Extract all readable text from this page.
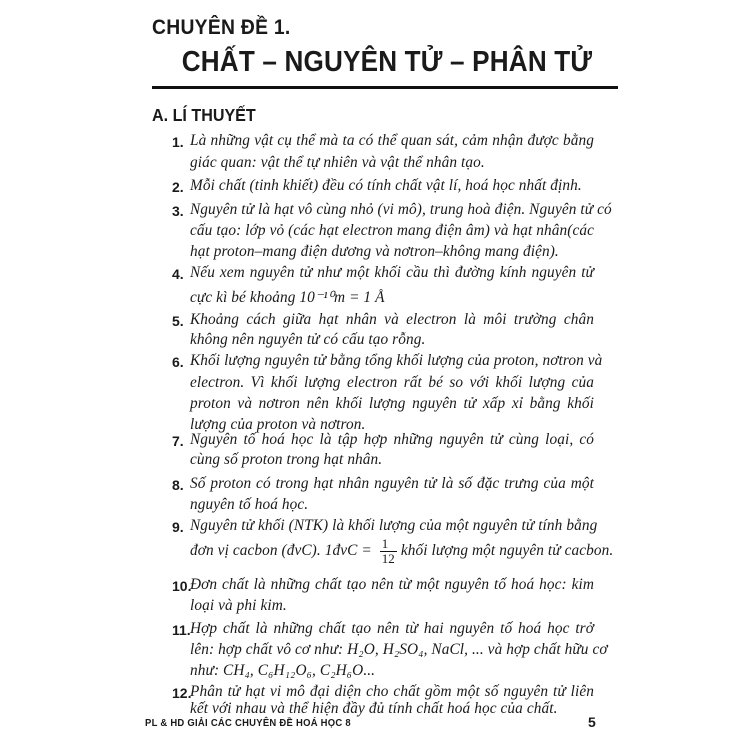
CHUYÊN ĐỀ 1.
CHẤT – NGUYÊN TỬ – PHÂN TỬ
A. LÍ THUYẾT
1. Là những vật cụ thể mà ta có thể quan sát, cảm nhận được bằng
giác quan: vật thể tự nhiên và vật thể nhân tạo.
2. Mỗi chất (tinh khiết) đều có tính chất vật lí, hoá học nhất định.
3. Nguyên tử là hạt vô cùng nhỏ (vi mô), trung hoà điện. Nguyên tử có
cấu tạo: lớp vỏ (các hạt electron mang điện âm) và hạt nhân(các
hạt proton–mang điện dương và nơtron–không mang điện).
4. Nếu xem nguyên tử như một khối cầu thì đường kính nguyên tử
cực kì bé khoảng 10⁻¹⁰m = 1 Å
5. Khoảng cách giữa hạt nhân và electron là môi trường chân
không nên nguyên tử có cấu tạo rỗng.
6. Khối lượng nguyên tử bằng tổng khối lượng của proton, nơtron và
electron. Vì khối lượng electron rất bé so với khối lượng của
proton và nơtron nên khối lượng nguyên tử xấp xỉ bằng khối
lượng của proton và nơtron.
7. Nguyên tố hoá học là tập hợp những nguyên tử cùng loại, có
cùng số proton trong hạt nhân.
8. Số proton có trong hạt nhân nguyên tử là số đặc trưng của một
nguyên tố hoá học.
9. Nguyên tử khối (NTK) là khối lượng của một nguyên tử tính bằng
đơn vị cacbon (đvC). 1đvC = $\frac{1}{12}$ khối lượng một nguyên tử cacbon.
10.
Đơn chất là những chất tạo nên từ một nguyên tố hoá học: kim
loại và phi kim.
11. Hợp chất là những chất tạo nên từ hai nguyên tố hoá học trở
lên: hợp chất vô cơ như: H₂O, H₂SO₄, NaCl, ... và hợp chất hữu cơ
như: CH₄, C₆H₁₂O₆, C₂H₆O...
12.
Phân tử hạt vi mô đại diện cho chất gồm một số nguyên tử liên
kết với nhau và thể hiện đầy đủ tính chất hoá học của chất.
PL & HD GIẢI CÁC CHUYÊN ĐỀ HOÁ HỌC 8	5
